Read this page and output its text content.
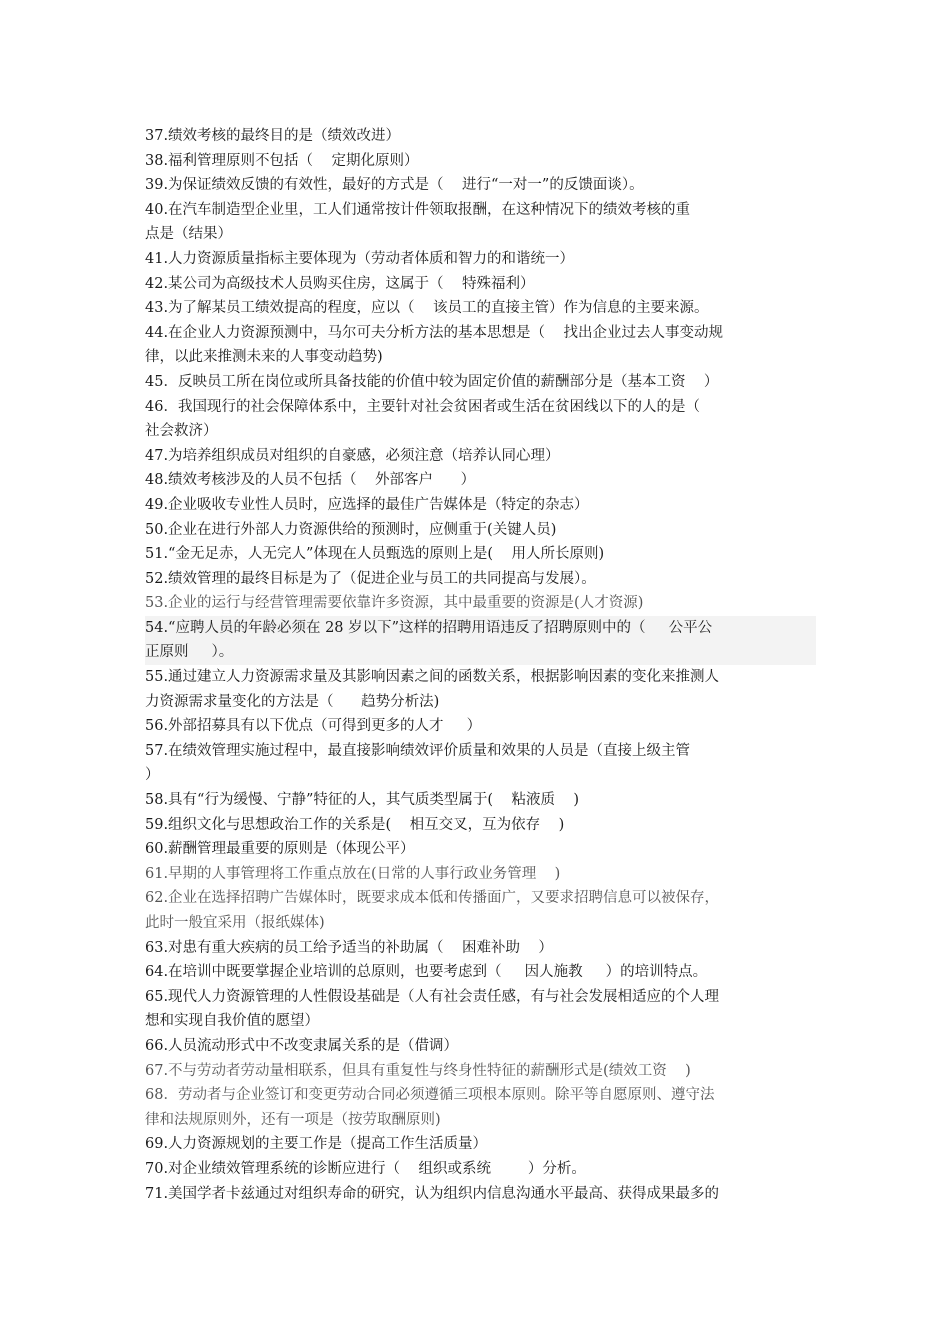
37.绩效考核的最终目的是（绩效改进）
38.福利管理原则不包括（    定期化原则）
39.为保证绩效反馈的有效性，最好的方式是（    进行“一对一”的反馈面谈）。
40.在汽车制造型企业里，工人们通常按计件领取报酬，在这种情况下的绩效考核的重
点是（结果）
41.人力资源质量指标主要体现为（劳动者体质和智力的和谐统一）
42.某公司为高级技术人员购买住房，这属于（    特殊福利）
43.为了解某员工绩效提高的程度，应以（    该员工的直接主管）作为信息的主要来源。
44.在企业人力资源预测中，马尔可夫分析方法的基本思想是（    找出企业过去人事变动规
律，以此来推测未来的人事变动趋势)
45．反映员工所在岗位或所具备技能的价值中较为固定价值的薪酬部分是（基本工资    ）
46．我国现行的社会保障体系中，主要针对社会贫困者或生活在贫困线以下的人的是（
社会救济）
47.为培养组织成员对组织的自豪感，必须注意（培养认同心理）
48.绩效考核涉及的人员不包括（    外部客户      ）
49.企业吸收专业性人员时，应选择的最佳广告媒体是（特定的杂志）
50.企业在进行外部人力资源供给的预测时，应侧重于(关键人员)
51.“金无足赤，人无完人”体现在人员甄选的原则上是(    用人所长原则)
52.绩效管理的最终目标是为了（促进企业与员工的共同提高与发展）。
53.企业的运行与经营管理需要依靠许多资源，其中最重要的资源是(人才资源)
54.“应聘人员的年龄必须在 28 岁以下”这样的招聘用语违反了招聘原则中的（     公平公
正原则     ）。
55.通过建立人力资源需求量及其影响因素之间的函数关系，根据影响因素的变化来推测人
力资源需求量变化的方法是（      趋势分析法)
56.外部招募具有以下优点（可得到更多的人才     ）
57.在绩效管理实施过程中，最直接影响绩效评价质量和效果的人员是（直接上级主管
）
58.具有“行为缓慢、宁静”特征的人，其气质类型属于(    粘液质    )
59.组织文化与思想政治工作的关系是(    相互交叉，互为依存    )
60.薪酬管理最重要的原则是（体现公平）
61.早期的人事管理将工作重点放在(日常的人事行政业务管理    )
62.企业在选择招聘广告媒体时，既要求成本低和传播面广，又要求招聘信息可以被保存，
此时一般宜采用（报纸媒体)
63.对患有重大疾病的员工给予适当的补助属（    困难补助    ）
64.在培训中既要掌握企业培训的总原则，也要考虑到（     因人施教     ）的培训特点。
65.现代人力资源管理的人性假设基础是（人有社会责任感，有与社会发展相适应的个人理
想和实现自我价值的愿望）
66.人员流动形式中不改变隶属关系的是（借调）
67.不与劳动者劳动量相联系，但具有重复性与终身性特征的薪酬形式是(绩效工资    )
68．劳动者与企业签订和变更劳动合同必须遵循三项根本原则。除平等自愿原则、遵守法
律和法规原则外，还有一项是（按劳取酬原则)
69.人力资源规划的主要工作是（提高工作生活质量）
70.对企业绩效管理系统的诊断应进行（    组织或系统        ）分析。
71.美国学者卡兹通过对组织寿命的研究，认为组织内信息沟通水平最高、获得成果最多的
